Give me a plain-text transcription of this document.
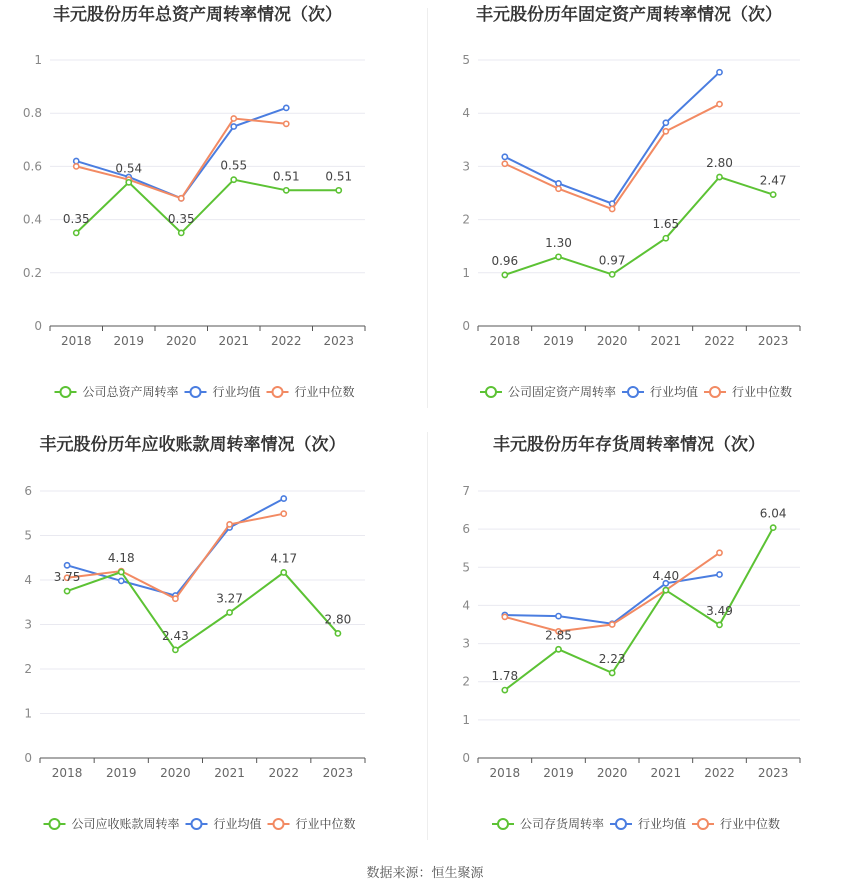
丰元股份历年总资产周转率情况（次）
0
0.2
0.4
0.6
0.8
1
2018 2019 2020 2021 2022 2023
0.35
0.54
0.35
0.55
0.51 0.51
公司总资产周转率	行业均值	行业中位数
丰元股份历年固定资产周转率情况（次）
0
1
2
3
4
5
2018 2019 2020 2021 2022 2023
0.96
1.30
0.97
1.65
2.80
2.47
公司固定资产周转率	行业均值	行业中位数
丰元股份历年应收账款周转率情况（次）
0
1
2
3
4
5
6
2018 2019 2020 2021 2022 2023
3.75
4.18
2.43
3.27
4.17
2.80
公司应收账款周转率	行业均值	行业中位数
丰元股份历年存货周转率情况（次）
0
1
2
3
4
5
6
7
2018 2019 2020 2021 2022 2023
1.78
2.85
2.23
4.40
3.49
6.04
公司存货周转率	行业均值	行业中位数
数据来源：恒生聚源
